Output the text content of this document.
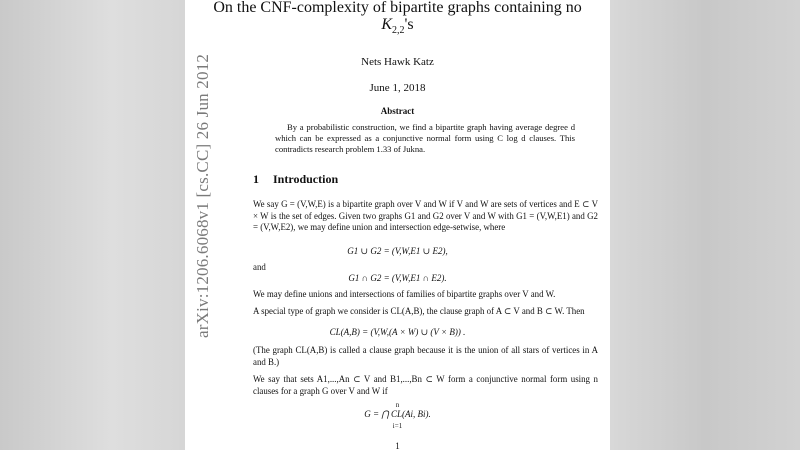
On the CNF-complexity of bipartite graphs containing no
$K_{2,2}'s$
Nets Hawk Katz
June 1, 2018
Abstract
By a probabilistic construction, we find a bipartite graph having average degree d which can be expressed as a conjunctive normal form using C log d clauses. This contradicts research problem 1.33 of Jukna.
1 Introduction
We say G = (V,W,E) is a bipartite graph over V and W if V and W are sets of vertices and E ⊂ V × W is the set of edges. Given two graphs G1 and G2 over V and W with G1 = (V,W,E1) and G2 = (V,W,E2), we may define union and intersection edge-setwise, where
G1 ∪ G2 = (V,W,E1 ∪ E2),
and
G1 ∩ G2 = (V,W,E1 ∩ E2).
We may define unions and intersections of families of bipartite graphs over V and W.
A special type of graph we consider is CL(A,B), the clause graph of A ⊂ V and B ⊂ W. Then
CL(A,B) = (V,W,(A × W) ∪ (V × B)) .
(The graph CL(A,B) is called a clause graph because it is the union of all stars of vertices in A and B.)
We say that sets A1,...,An ⊂ V and B1,...,Bn ⊂ W form a conjunctive normal form using n clauses for a graph G over V and W if
n
G = ⋂ CL(Ai, Bi).
i=1
1
arXiv:1206.6068v1 [cs.CC] 26 Jun 2012
